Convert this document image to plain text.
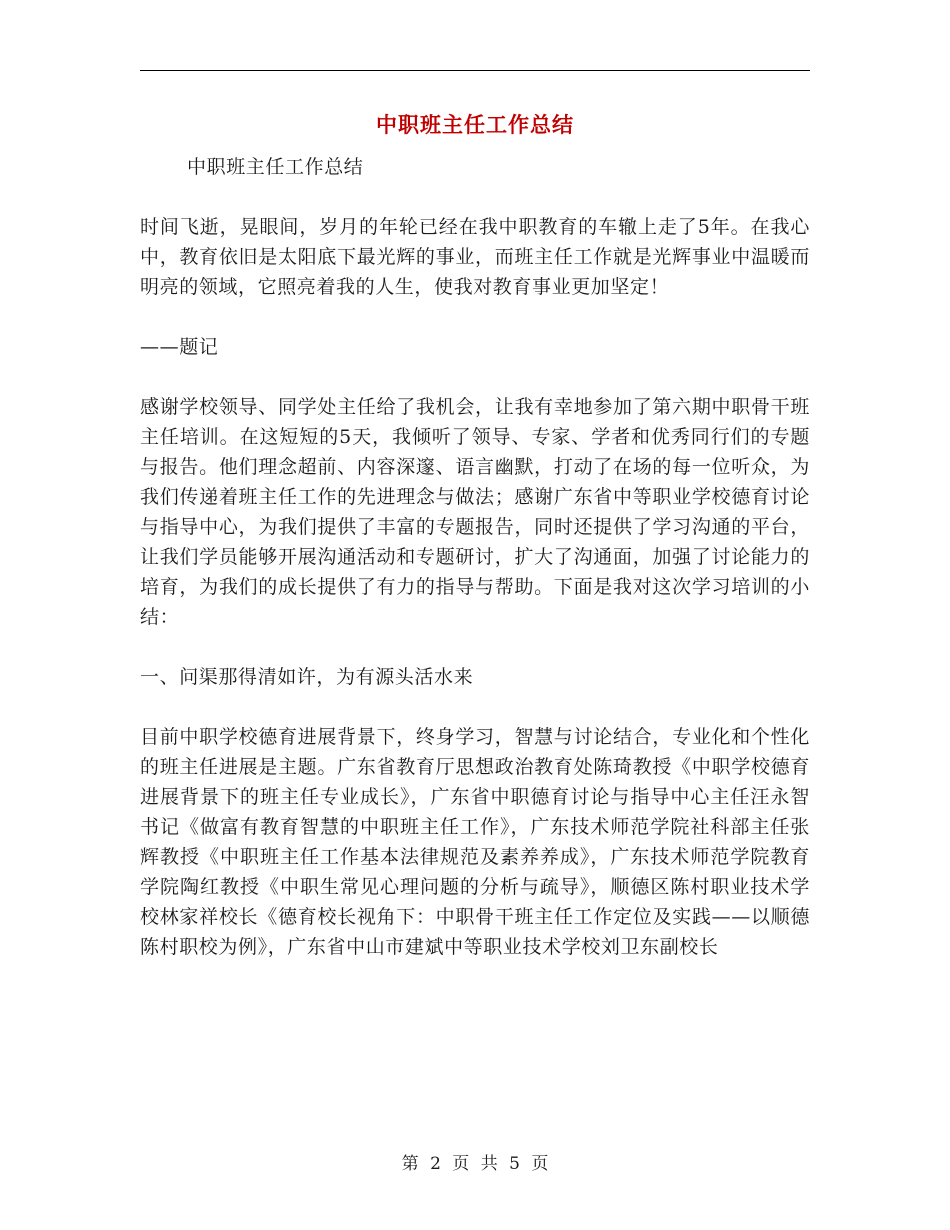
中职班主任工作总结

中职班主任工作总结

时间飞逝，晃眼间，岁月的年轮已经在我中职教育的车辙上走了5年。在我心中，教育依旧是太阳底下最光辉的事业，而班主任工作就是光辉事业中温暖而明亮的领域，它照亮着我的人生，使我对教育事业更加坚定！

——题记

感谢学校领导、同学处主任给了我机会，让我有幸地参加了第六期中职骨干班主任培训。在这短短的5天，我倾听了领导、专家、学者和优秀同行们的专题与报告。他们理念超前、内容深邃、语言幽默，打动了在场的每一位听众，为我们传递着班主任工作的先进理念与做法；感谢广东省中等职业学校德育讨论与指导中心，为我们提供了丰富的专题报告，同时还提供了学习沟通的平台，让我们学员能够开展沟通活动和专题研讨，扩大了沟通面，加强了讨论能力的培育，为我们的成长提供了有力的指导与帮助。下面是我对这次学习培训的小结：

一、问渠那得清如许，为有源头活水来

目前中职学校德育进展背景下，终身学习，智慧与讨论结合，专业化和个性化的班主任进展是主题。广东省教育厅思想政治教育处陈琦教授《中职学校德育进展背景下的班主任专业成长》，广东省中职德育讨论与指导中心主任汪永智书记《做富有教育智慧的中职班主任工作》，广东技术师范学院社科部主任张辉教授《中职班主任工作基本法律规范及素养养成》，广东技术师范学院教育学院陶红教授《中职生常见心理问题的分析与疏导》，顺德区陈村职业技术学校林家祥校长《德育校长视角下：中职骨干班主任工作定位及实践——以顺德陈村职校为例》，广东省中山市建斌中等职业技术学校刘卫东副校长

第 2 页 共 5 页
